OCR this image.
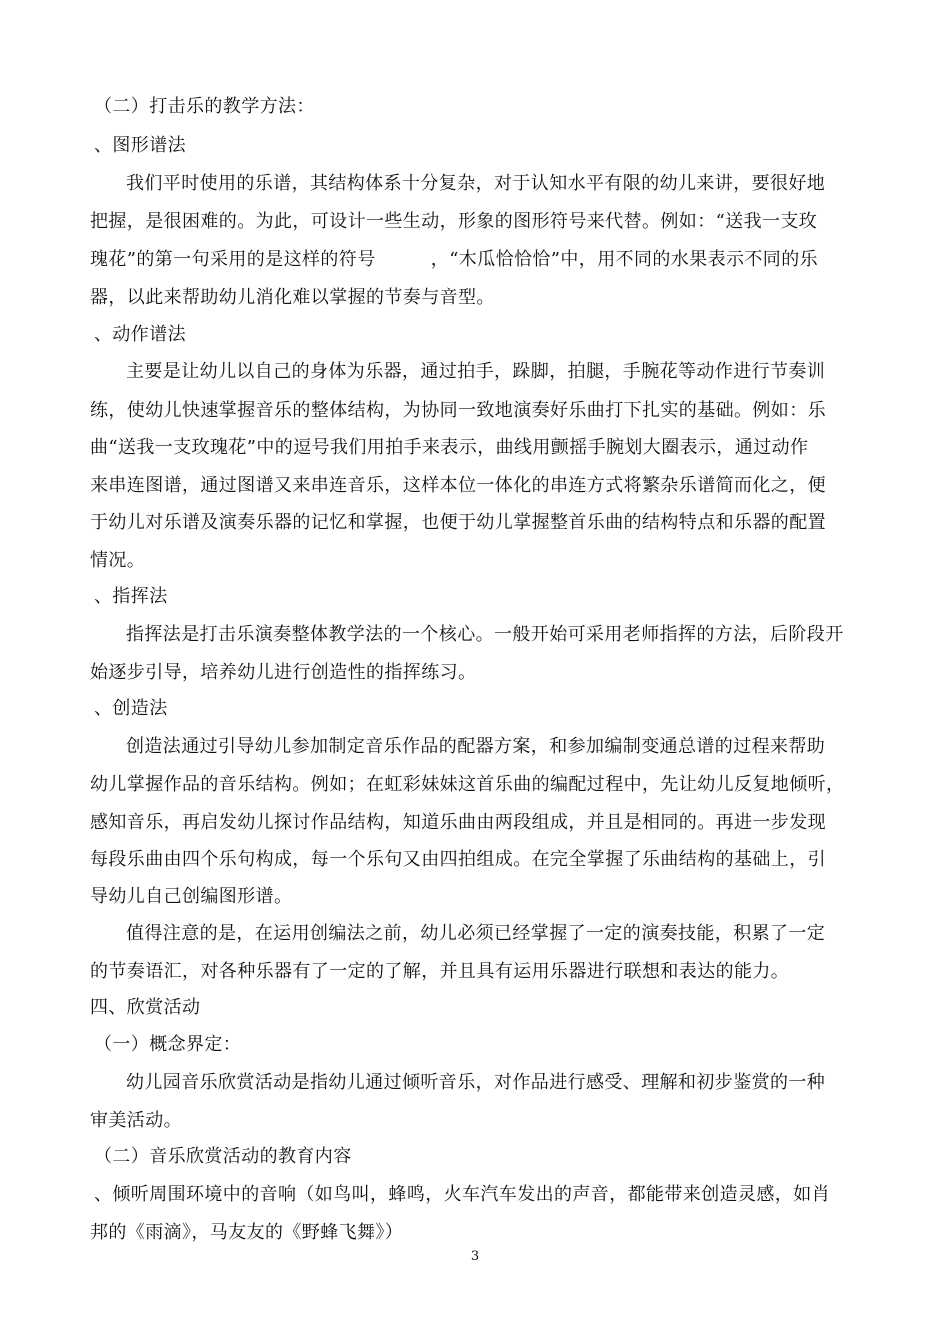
（二）打击乐的教学方法：
、图形谱法
我们平时使用的乐谱，其结构体系十分复杂，对于认知水平有限的幼儿来讲，要很好地
把握，是很困难的。为此，可设计一些生动，形象的图形符号来代替。例如：“送我一支玫
瑰花”的第一句采用的是这样的符号　　　，“木瓜恰恰恰”中，用不同的水果表示不同的乐
器，以此来帮助幼儿消化难以掌握的节奏与音型。
、动作谱法
主要是让幼儿以自己的身体为乐器，通过拍手，跺脚，拍腿，手腕花等动作进行节奏训
练，使幼儿快速掌握音乐的整体结构，为协同一致地演奏好乐曲打下扎实的基础。例如：乐
曲“送我一支玫瑰花”中的逗号我们用拍手来表示，曲线用颤摇手腕划大圈表示，通过动作
来串连图谱，通过图谱又来串连音乐，这样本位一体化的串连方式将繁杂乐谱简而化之，便
于幼儿对乐谱及演奏乐器的记忆和掌握，也便于幼儿掌握整首乐曲的结构特点和乐器的配置
情况。
、指挥法
指挥法是打击乐演奏整体教学法的一个核心。一般开始可采用老师指挥的方法，后阶段开
始逐步引导，培养幼儿进行创造性的指挥练习。
、创造法
创造法通过引导幼儿参加制定音乐作品的配器方案，和参加编制变通总谱的过程来帮助
幼儿掌握作品的音乐结构。例如；在虹彩妹妹这首乐曲的编配过程中，先让幼儿反复地倾听，
感知音乐，再启发幼儿探讨作品结构，知道乐曲由两段组成，并且是相同的。再进一步发现
每段乐曲由四个乐句构成，每一个乐句又由四拍组成。在完全掌握了乐曲结构的基础上，引
导幼儿自己创编图形谱。
值得注意的是，在运用创编法之前，幼儿必须已经掌握了一定的演奏技能，积累了一定
的节奏语汇，对各种乐器有了一定的了解，并且具有运用乐器进行联想和表达的能力。
四、欣赏活动
（一）概念界定：
幼儿园音乐欣赏活动是指幼儿通过倾听音乐，对作品进行感受、理解和初步鉴赏的一种
审美活动。
（二）音乐欣赏活动的教育内容
、倾听周围环境中的音响（如鸟叫，蜂鸣，火车汽车发出的声音，都能带来创造灵感，如肖
邦的《雨滴》，马友友的《野蜂飞舞》）
3
